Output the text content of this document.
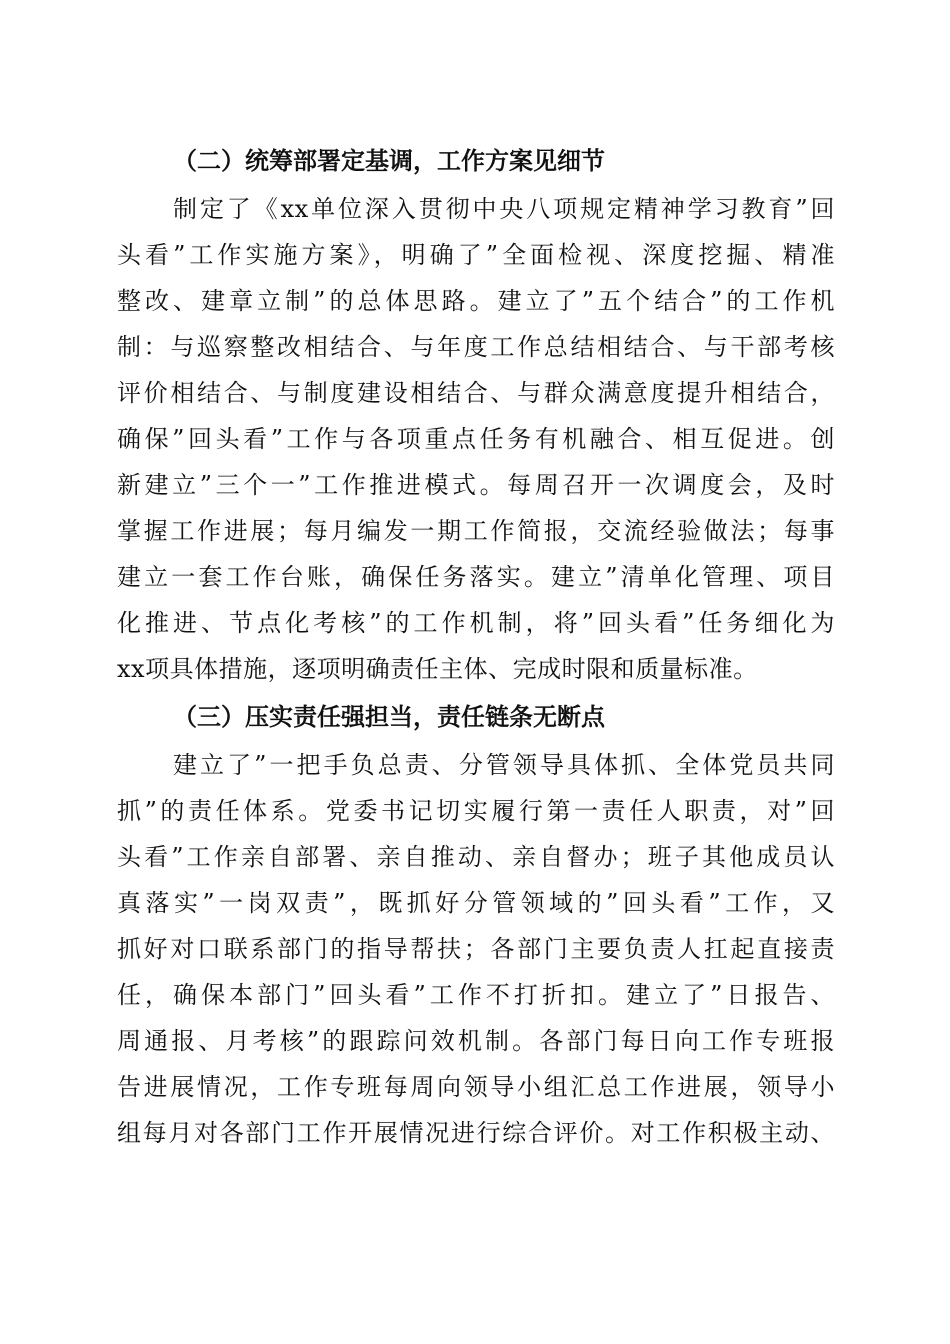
（二）统筹部署定基调，工作方案见细节
制定了《xx单位深入贯彻中央八项规定精神学习教育”回
头看”工作实施方案》，明确了”全面检视、深度挖掘、精准
整改、建章立制”的总体思路。建立了”五个结合”的工作机
制：与巡察整改相结合、与年度工作总结相结合、与干部考核
评价相结合、与制度建设相结合、与群众满意度提升相结合，
确保”回头看”工作与各项重点任务有机融合、相互促进。创
新建立”三个一”工作推进模式。每周召开一次调度会，及时
掌握工作进展；每月编发一期工作简报，交流经验做法；每事
建立一套工作台账，确保任务落实。建立”清单化管理、项目
化推进、节点化考核”的工作机制，将”回头看”任务细化为
xx项具体措施，逐项明确责任主体、完成时限和质量标准。
（三）压实责任强担当，责任链条无断点
建立了”一把手负总责、分管领导具体抓、全体党员共同
抓”的责任体系。党委书记切实履行第一责任人职责，对”回
头看”工作亲自部署、亲自推动、亲自督办；班子其他成员认
真落实”一岗双责”，既抓好分管领域的”回头看”工作，又
抓好对口联系部门的指导帮扶；各部门主要负责人扛起直接责
任，确保本部门”回头看”工作不打折扣。建立了”日报告、
周通报、月考核”的跟踪问效机制。各部门每日向工作专班报
告进展情况，工作专班每周向领导小组汇总工作进展，领导小
组每月对各部门工作开展情况进行综合评价。对工作积极主动、
